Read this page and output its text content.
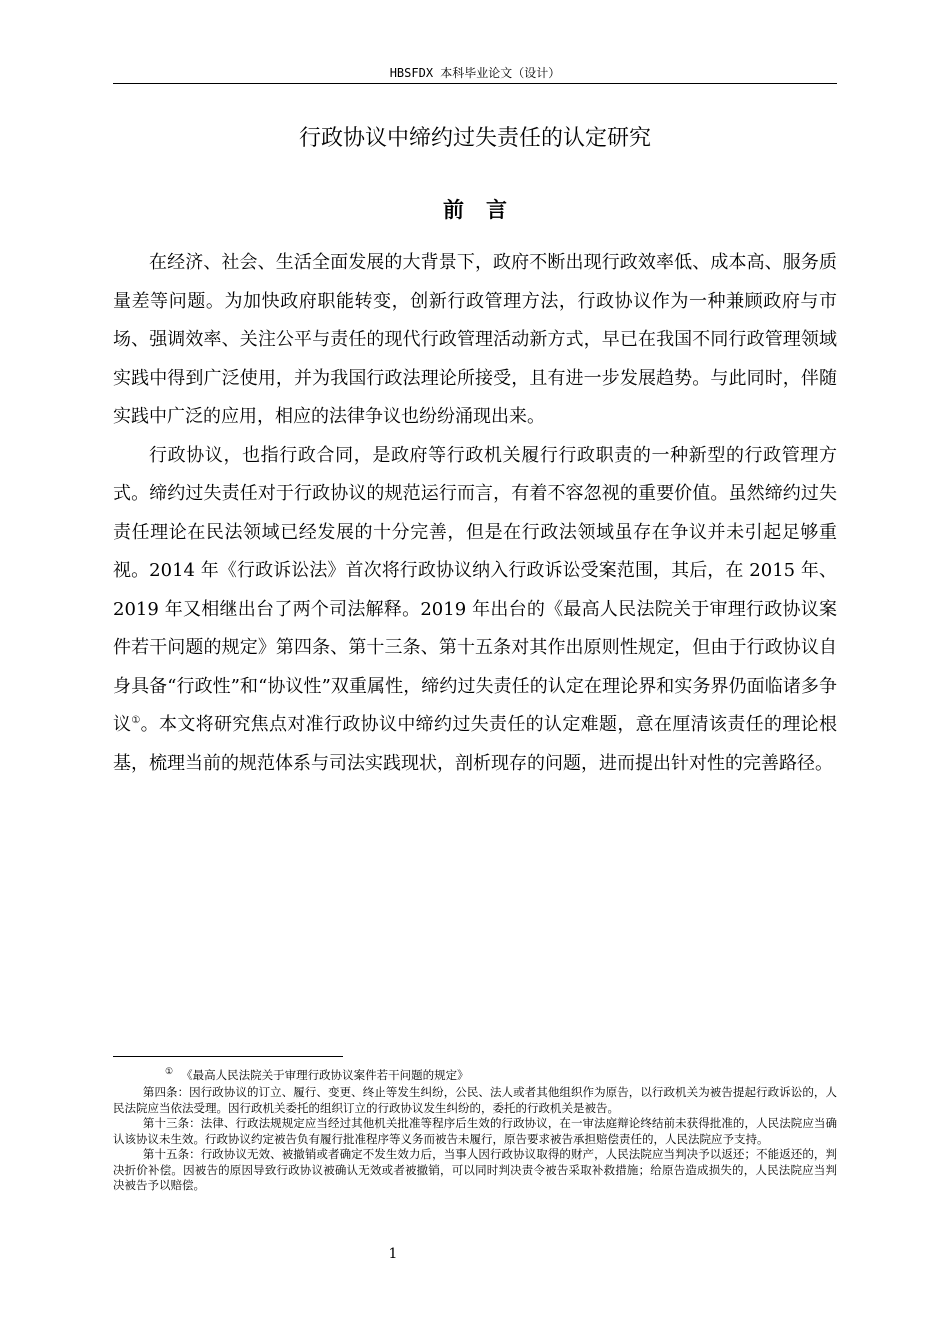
HBSFDX 本科毕业论文（设计）
行政协议中缔约过失责任的认定研究
前言

在经济、社会、生活全面发展的大背景下，政府不断出现行政效率低、成本高、服务质量差等问题。为加快政府职能转变，创新行政管理方法，行政协议作为一种兼顾政府与市场、强调效率、关注公平与责任的现代行政管理活动新方式，早已在我国不同行政管理领域实践中得到广泛使用，并为我国行政法理论所接受，且有进一步发展趋势。与此同时，伴随实践中广泛的应用，相应的法律争议也纷纷涌现出来。

行政协议，也指行政合同，是政府等行政机关履行行政职责的一种新型的行政管理方式。缔约过失责任对于行政协议的规范运行而言，有着不容忽视的重要价值。虽然缔约过失责任理论在民法领域已经发展的十分完善，但是在行政法领域虽存在争议并未引起足够重视。2014 年《行政诉讼法》首次将行政协议纳入行政诉讼受案范围，其后，在 2015 年、2019 年又相继出台了两个司法解释。2019 年出台的《最高人民法院关于审理行政协议案件若干问题的规定》第四条、第十三条、第十五条对其作出原则性规定，但由于行政协议自身具备“行政性”和“协议性”双重属性，缔约过失责任的认定在理论界和实务界仍面临诸多争议①。本文将研究焦点对准行政协议中缔约过失责任的认定难题，意在厘清该责任的理论根基，梳理当前的规范体系与司法实践现状，剖析现存的问题，进而提出针对性的完善路径。

① 《最高人民法院关于审理行政协议案件若干问题的规定》

第四条：因行政协议的订立、履行、变更、终止等发生纠纷，公民、法人或者其他组织作为原告，以行政机关为被告提起行政诉讼的，人民法院应当依法受理。因行政机关委托的组织订立的行政协议发生纠纷的，委托的行政机关是被告。

第十三条：法律、行政法规规定应当经过其他机关批准等程序后生效的行政协议，在一审法庭辩论终结前未获得批准的，人民法院应当确认该协议未生效。行政协议约定被告负有履行批准程序等义务而被告未履行，原告要求被告承担赔偿责任的，人民法院应予支持。

第十五条：行政协议无效、被撤销或者确定不发生效力后，当事人因行政协议取得的财产，人民法院应当判决予以返还；不能返还的，判决折价补偿。因被告的原因导致行政协议被确认无效或者被撤销，可以同时判决责令被告采取补救措施；给原告造成损失的，人民法院应当判决被告予以赔偿。

1
